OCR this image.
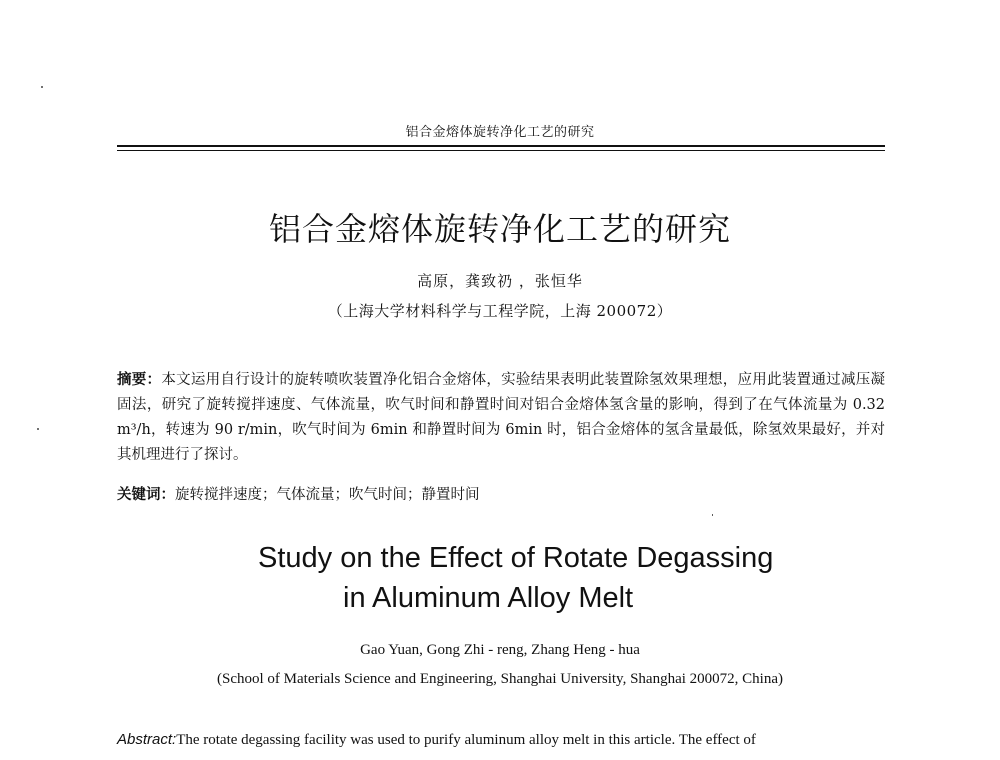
铝合金熔体旋转净化工艺的研究
铝合金熔体旋转净化工艺的研究
高原，龚致礽 ，张恒华
（上海大学材料科学与工程学院，上海 200072）
摘要：本文运用自行设计的旋转喷吹装置净化铝合金熔体，实验结果表明此装置除氢效果理想，应用此装置通过减压凝固法，研究了旋转搅拌速度、气体流量，吹气时间和静置时间对铝合金熔体氢含量的影响，得到了在气体流量为 0.32 m³/h，转速为 90 r/min，吹气时间为 6min 和静置时间为 6min 时，铝合金熔体的氢含量最低，除氢效果最好，并对其机理进行了探讨。
关键词：旋转搅拌速度；气体流量；吹气时间；静置时间
Study on the Effect of Rotate Degassing
in Aluminum Alloy Melt
Gao Yuan, Gong Zhi - reng, Zhang Heng - hua
(School of Materials Science and Engineering, Shanghai University, Shanghai 200072, China)
Abstract:The rotate degassing facility was used to purify aluminum alloy melt in this article. The effect of
